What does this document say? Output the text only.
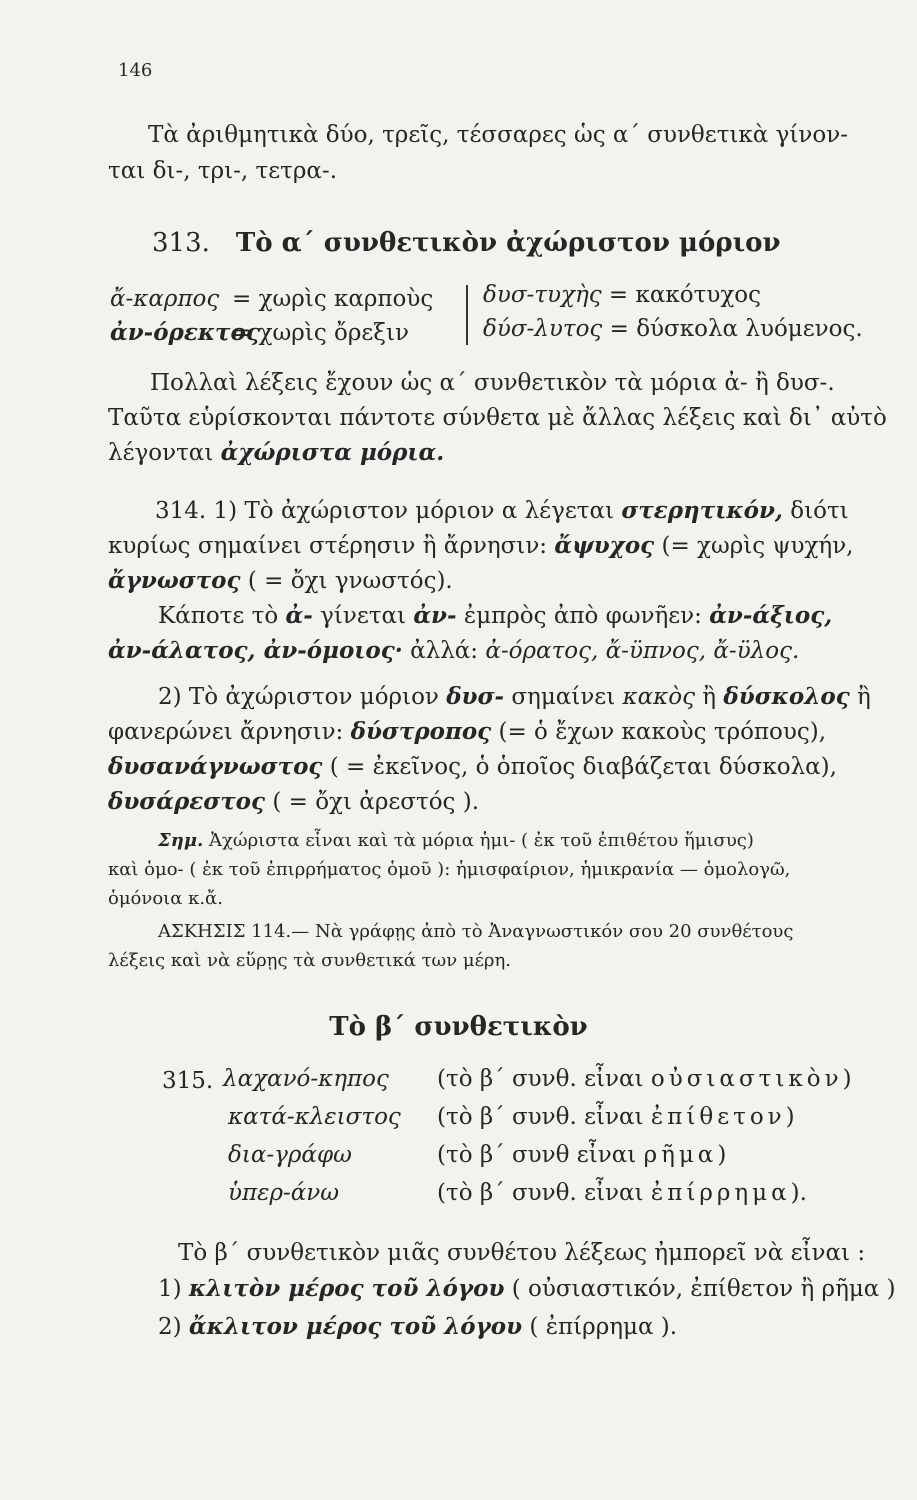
146
Τὰ ἀριθμητικὰ δύο, τρεῖς, τέσσαρες ὡς α΄ συνθετικὰ γίνον-
ται δι-, τρι-, τετρα-.
313. Τὸ α΄ συνθετικὸν ἀχώριστον μόριον
ἄ-καρπος = χωρὶς καρποὺς
ἀν-όρεκτος
= χωρὶς ὄρεξιν
δυσ-τυχὴς = κακότυχος
δύσ-λυτος = δύσκολα λυόμενος.
Πολλαὶ λέξεις ἔχουν ὡς α΄ συνθετικὸν τὰ μόρια ἀ- ἢ δυσ-.
Ταῦτα εὑρίσκονται πάντοτε σύνθετα μὲ ἄλλας λέξεις καὶ δι᾽ αὐτὸ
λέγονται ἀχώριστα μόρια.
314. 1) Τὸ ἀχώριστον μόριον α λέγεται στερητικόν, διότι
κυρίως σημαίνει στέρησιν ἢ ἄρνησιν: ἄψυχος (= χωρὶς ψυχήν,
ἄγνωστος ( = ὄχι γνωστός).
Κάποτε τὸ ἀ- γίνεται ἀν- ἐμπρὸς ἀπὸ φωνῆεν: ἀν-άξιος,
ἀν-άλατος, ἀν-όμοιος· ἀλλά: ἀ-όρατος, ἄ-ϋπνος, ἄ-ϋλος.
2) Τὸ ἀχώριστον μόριον δυσ- σημαίνει κακὸς ἢ δύσκολος ἢ
φανερώνει ἄρνησιν: δύστροπος (= ὁ ἔχων κακοὺς τρόπους),
δυσανάγνωστος ( = ἐκεῖνος, ὁ ὁποῖος διαβάζεται δύσκολα),
δυσάρεστος ( = ὄχι ἀρεστός ).
Σημ. Ἀχώριστα εἶναι καὶ τὰ μόρια ἡμι- ( ἐκ τοῦ ἐπιθέτου ἥμισυς)
καὶ ὁμο- ( ἐκ τοῦ ἐπιρρήματος ὁμοῦ ): ἡμισφαίριον, ἡμικρανία — ὁμολογῶ,
ὁμόνοια κ.ἄ.
ΑΣΚΗΣΙΣ 114.— Νὰ γράφῃς ἀπὸ τὸ Ἀναγνωστικόν σου 20 συνθέτους
λέξεις καὶ νὰ εὕρῃς τὰ συνθετικά των μέρη.
Τὸ β΄ συνθετικὸν
315. λαχανό-κηπος (τὸ β΄ συνθ. εἶναι οὐσιαστικὸν)
κατά-κλειστος (τὸ β΄ συνθ. εἶναι ἐπίθετον)
δια-γράφω	(τὸ β΄ συνθ εἶναι ρῆμα)
ὑπερ-άνω	(τὸ β΄ συνθ. εἶναι ἐπίρρημα).
Τὸ β΄ συνθετικὸν μιᾶς συνθέτου λέξεως ἠμπορεῖ νὰ εἶναι :
1) κλιτὸν μέρος τοῦ λόγου ( οὐσιαστικόν, ἐπίθετον ἢ ρῆμα )
2) ἄκλιτον μέρος τοῦ λόγου ( ἐπίρρημα ).
